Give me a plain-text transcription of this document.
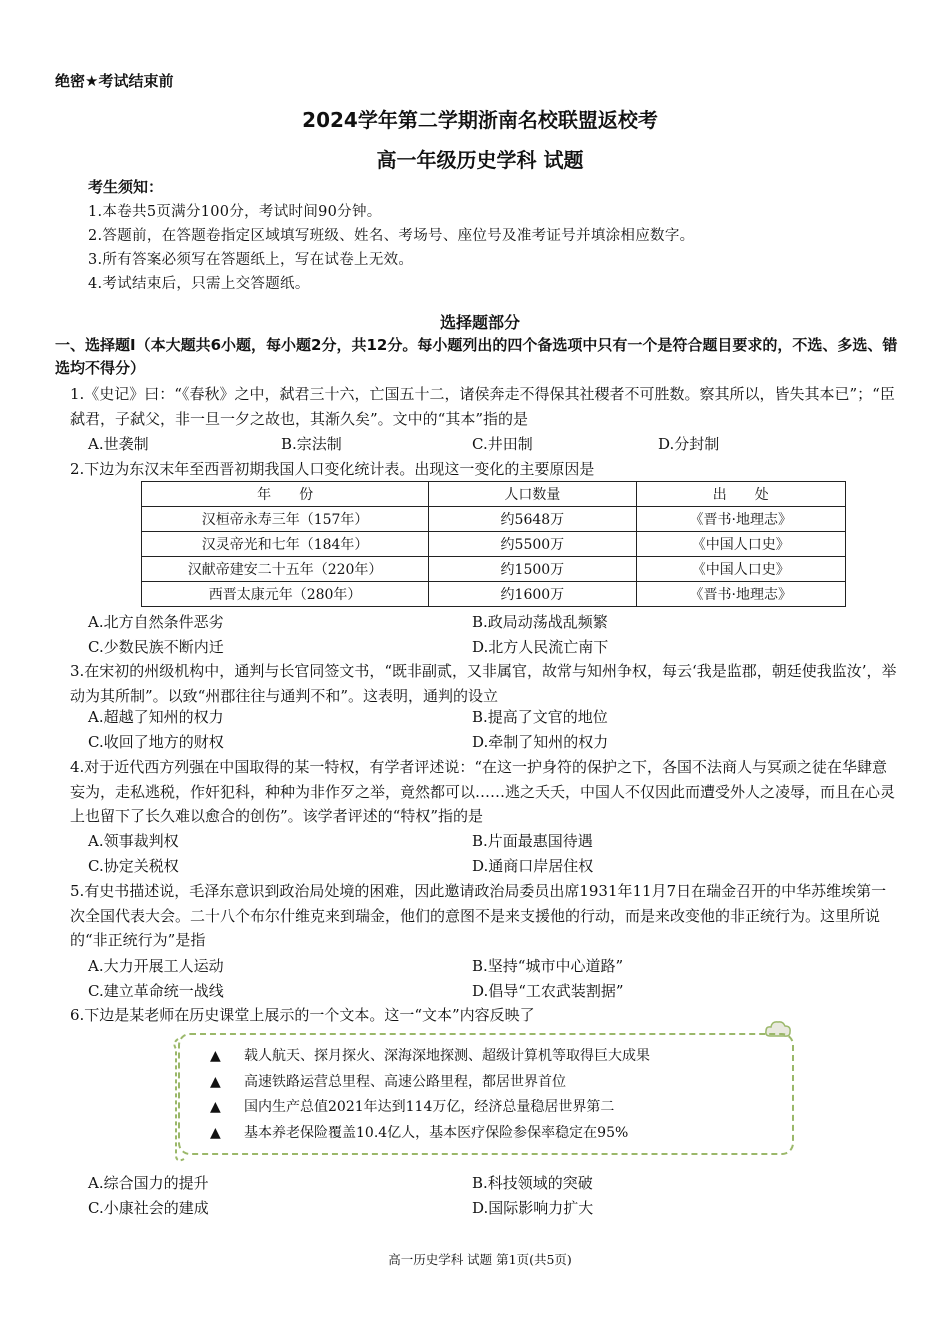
绝密★考试结束前
2024学年第二学期浙南名校联盟返校考
高一年级历史学科 试题
考生须知：
1.本卷共5页满分100分，考试时间90分钟。
2.答题前，在答题卷指定区域填写班级、姓名、考场号、座位号及准考证号并填涂相应数字。
3.所有答案必须写在答题纸上，写在试卷上无效。
4.考试结束后，只需上交答题纸。
选择题部分
一、选择题Ⅰ（本大题共6小题，每小题2分，共12分。每小题列出的四个备选项中只有一个是符合题目要求的，不选、多选、错选均不得分）
1.《史记》曰：“《春秋》之中，弑君三十六，亡国五十二，诸侯奔走不得保其社稷者不可胜数。察其所以，皆失其本已”；“臣弑君，子弑父，非一旦一夕之故也，其渐久矣”。文中的“其本”指的是
A.世袭制	B.宗法制	C.井田制	D.分封制
2.下边为东汉末年至西晋初期我国人口变化统计表。出现这一变化的主要原因是
年　　份	人口数量	出　　处
汉桓帝永寿三年（157年）	约5648万	《晋书·地理志》
汉灵帝光和七年（184年）	约5500万	《中国人口史》
汉献帝建安二十五年（220年）	约1500万	《中国人口史》
西晋太康元年（280年）	约1600万	《晋书·地理志》
A.北方自然条件恶劣	B.政局动荡战乱频繁
C.少数民族不断内迁	D.北方人民流亡南下
3.在宋初的州级机构中，通判与长官同签文书，“既非副贰，又非属官，故常与知州争权，每云‘我是监郡，朝廷使我监汝’，举动为其所制”。以致“州郡往往与通判不和”。这表明，通判的设立
A.超越了知州的权力	B.提高了文官的地位
C.收回了地方的财权	D.牵制了知州的权力
4.对于近代西方列强在中国取得的某一特权，有学者评述说：“在这一护身符的保护之下，各国不法商人与冥顽之徒在华肆意妄为，走私逃税，作奸犯科，种种为非作歹之举，竟然都可以……逃之夭夭，中国人不仅因此而遭受外人之凌辱，而且在心灵上也留下了长久难以愈合的创伤”。该学者评述的“特权”指的是
A.领事裁判权	B.片面最惠国待遇
C.协定关税权	D.通商口岸居住权
5.有史书描述说，毛泽东意识到政治局处境的困难，因此邀请政治局委员出席1931年11月7日在瑞金召开的中华苏维埃第一次全国代表大会。二十八个布尔什维克来到瑞金，他们的意图不是来支援他的行动，而是来改变他的非正统行为。这里所说的“非正统行为”是指
A.大力开展工人运动	B.坚持“城市中心道路”
C.建立革命统一战线	D.倡导“工农武装割据”
6.下边是某老师在历史课堂上展示的一个文本。这一“文本”内容反映了
▲ 载人航天、探月探火、深海深地探测、超级计算机等取得巨大成果
▲ 高速铁路运营总里程、高速公路里程，都居世界首位
▲ 国内生产总值2021年达到114万亿，经济总量稳居世界第二
▲ 基本养老保险覆盖10.4亿人，基本医疗保险参保率稳定在95%
A.综合国力的提升	B.科技领域的突破
C.小康社会的建成	D.国际影响力扩大
高一历史学科 试题 第1页(共5页)
